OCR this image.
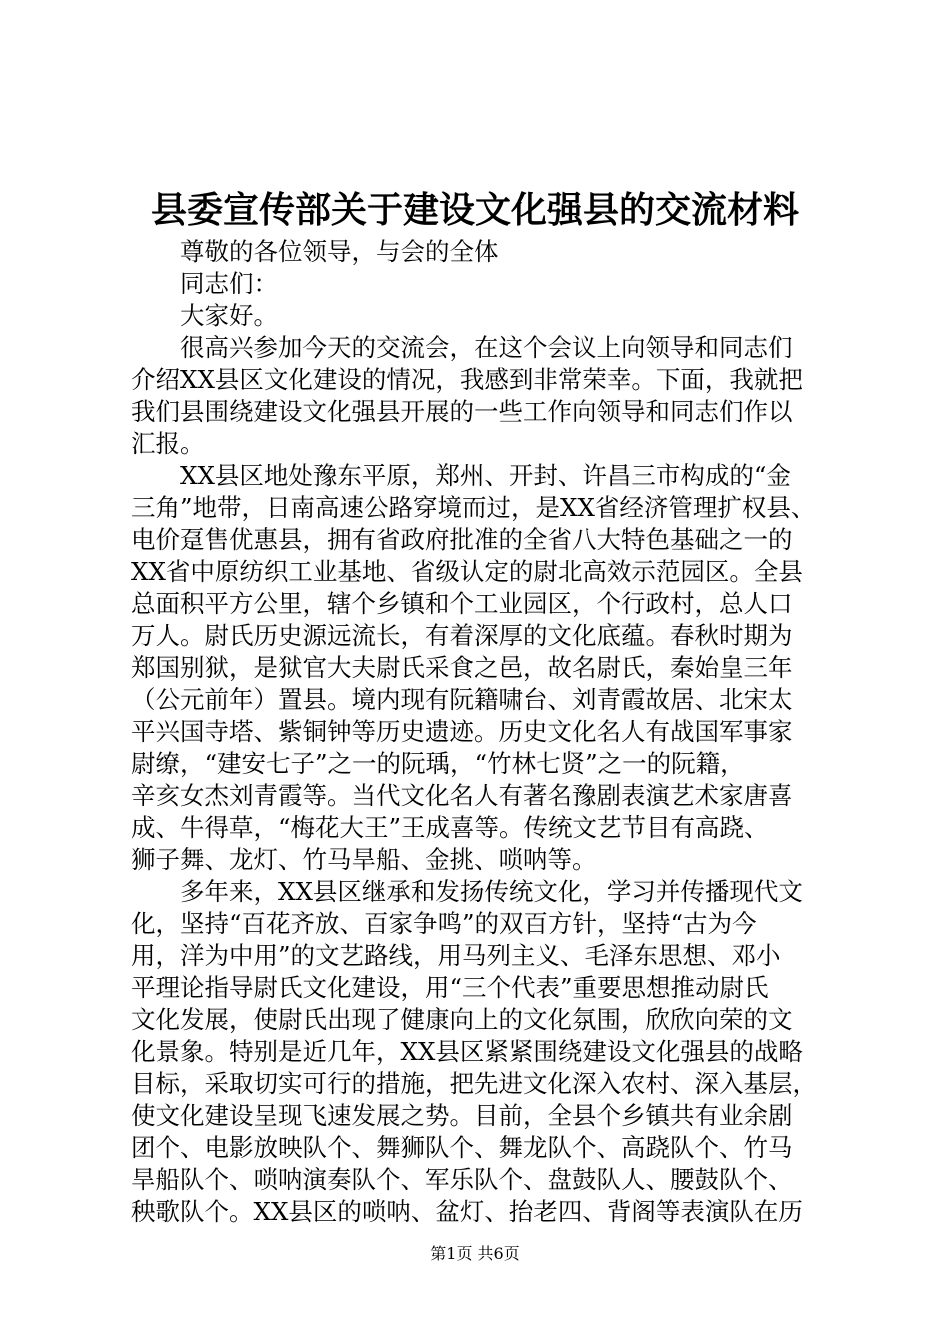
县委宣传部关于建设文化强县的交流材料
尊敬的各位领导，与会的全体
同志们：
大家好。
很高兴参加今天的交流会，在这个会议上向领导和同志们
介绍XX县区文化建设的情况，我感到非常荣幸。下面，我就把
我们县围绕建设文化强县开展的一些工作向领导和同志们作以
汇报。
XX县区地处豫东平原，郑州、开封、许昌三市构成的“金
三角”地带，日南高速公路穿境而过，是XX省经济管理扩权县、
电价趸售优惠县，拥有省政府批准的全省八大特色基础之一的
XX省中原纺织工业基地、省级认定的尉北高效示范园区。全县
总面积平方公里，辖个乡镇和个工业园区，个行政村，总人口
万人。尉氏历史源远流长，有着深厚的文化底蕴。春秋时期为
郑国别狱，是狱官大夫尉氏采食之邑，故名尉氏，秦始皇三年
（公元前年）置县。境内现有阮籍啸台、刘青霞故居、北宋太
平兴国寺塔、紫铜钟等历史遗迹。历史文化名人有战国军事家
尉缭，“建安七子”之一的阮瑀，“竹林七贤”之一的阮籍，
辛亥女杰刘青霞等。当代文化名人有著名豫剧表演艺术家唐喜
成、牛得草，“梅花大王”王成喜等。传统文艺节目有高跷、
狮子舞、龙灯、竹马旱船、金挑、唢呐等。
多年来，XX县区继承和发扬传统文化，学习并传播现代文
化，坚持“百花齐放、百家争鸣”的双百方针，坚持“古为今
用，洋为中用”的文艺路线，用马列主义、毛泽东思想、邓小
平理论指导尉氏文化建设，用“三个代表”重要思想推动尉氏
文化发展，使尉氏出现了健康向上的文化氛围，欣欣向荣的文
化景象。特别是近几年，XX县区紧紧围绕建设文化强县的战略
目标，采取切实可行的措施，把先进文化深入农村、深入基层，
使文化建设呈现飞速发展之势。目前，全县个乡镇共有业余剧
团个、电影放映队个、舞狮队个、舞龙队个、高跷队个、竹马
旱船队个、唢呐演奏队个、军乐队个、盘鼓队人、腰鼓队个、
秧歌队个。XX县区的唢呐、盆灯、抬老四、背阁等表演队在历
第1页 共6页
